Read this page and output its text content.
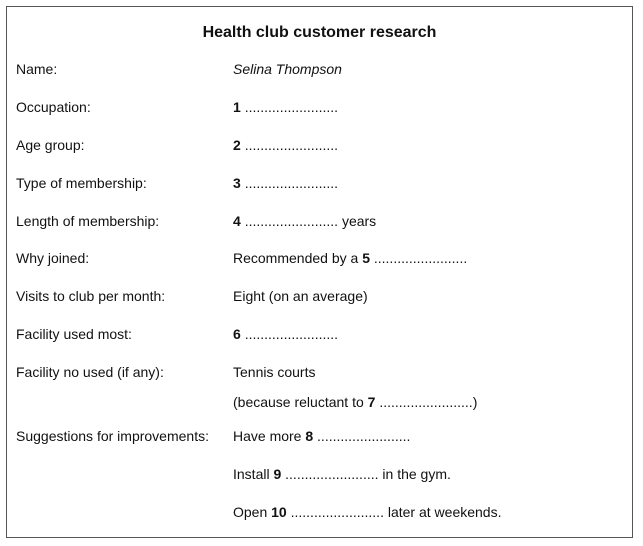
Health club customer research
Name:	Selina Thompson
Occupation:	1 ........................
Age group:	2 ........................
Type of membership:	3 ........................
Length of membership:	4 ........................ years
Why joined:	Recommended by a 5 ........................
Visits to club per month:	Eight (on an average)
Facility used most:	6 ........................
Facility no used (if any):	Tennis courts
(because reluctant to 7 ........................)
Suggestions for improvements: Have more 8 ........................
Install 9 ........................ in the gym.
Open 10 ........................ later at weekends.
